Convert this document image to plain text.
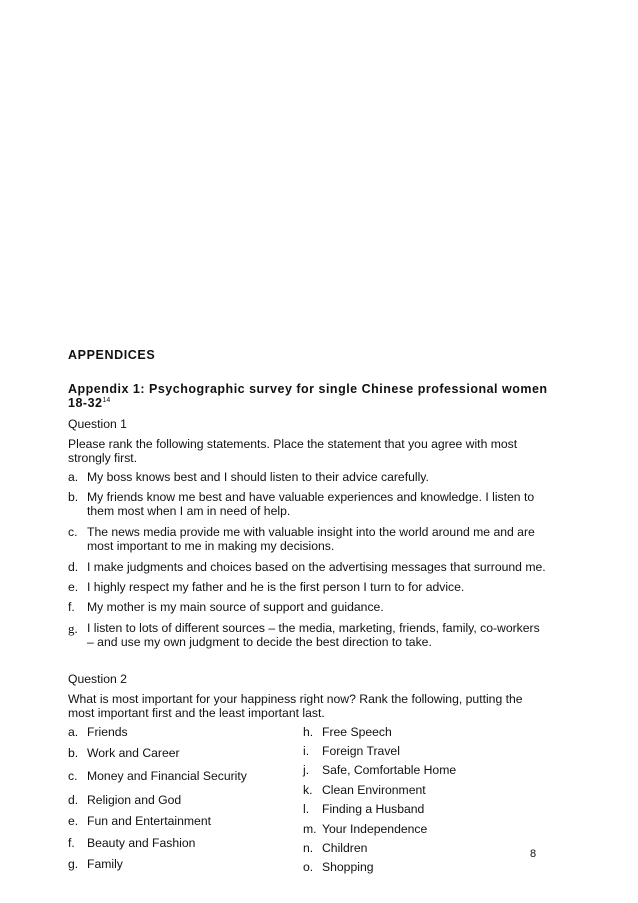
APPENDICES
Appendix 1: Psychographic survey for single Chinese professional women $18-32^{14}$
Question 1
Please rank the following statements. Place the statement that you agree with most strongly first.
a. My boss knows best and I should listen to their advice carefully.
b. My friends know me best and have valuable experiences and knowledge. I listen to them most when I am in need of help.
c. The news media provide me with valuable insight into the world around me and are most important to me in making my decisions.
d. I make judgments and choices based on the advertising messages that surround me.
e. I highly respect my father and he is the first person I turn to for advice.
f.	My mother is my main source of support and guidance.
g. I listen to lots of different sources – the media, marketing, friends, family, co-workers – and use my own judgment to decide the best direction to take.
Question 2
What is most important for your happiness right now? Rank the following, putting the most important first and the least important last.
a. Friends
b. Work and Career
c. Money and Financial Security
d. Religion and God
e. Fun and Entertainment
f.	Beauty and Fashion
g. Family
h. Free Speech
i.	Foreign Travel
j.	Safe, Comfortable Home
k. Clean Environment
l.	Finding a Husband
m. Your Independence
n. Children
o. Shopping
8
